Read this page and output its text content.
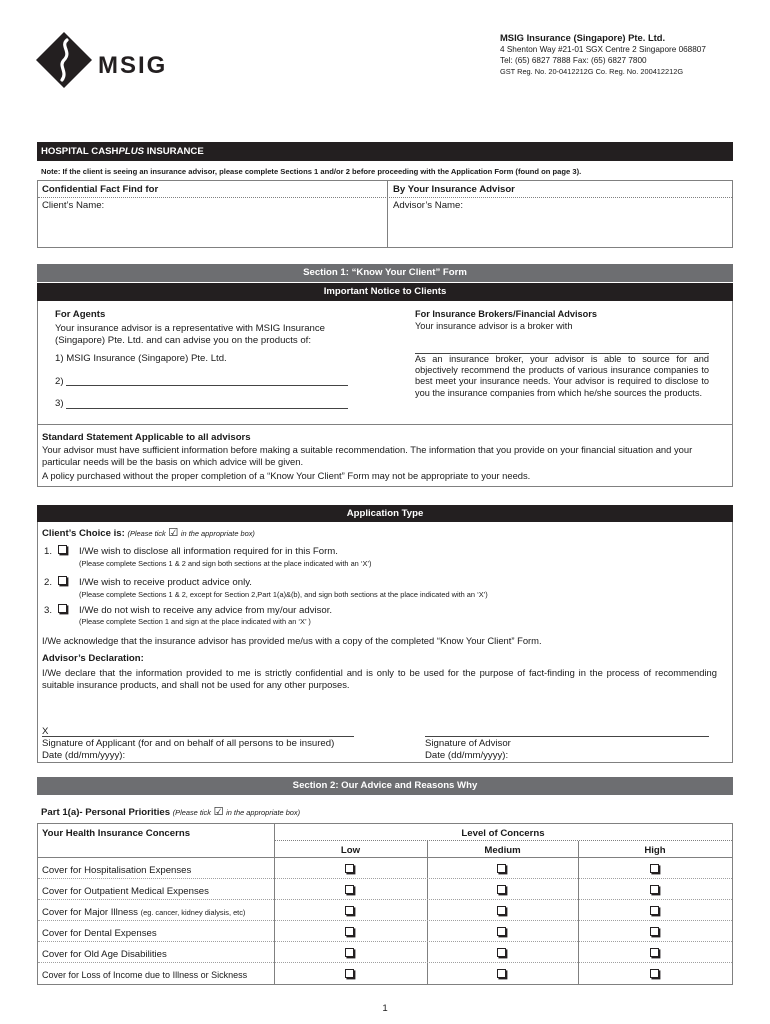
MSIG
MSIG Insurance (Singapore) Pte. Ltd.
4 Shenton Way #21-01 SGX Centre 2 Singapore 068807
Tel: (65) 6827 7888 Fax: (65) 6827 7800
GST Reg. No. 20-0412212G Co. Reg. No. 200412212G
HOSPITAL CASHPLUS INSURANCE
Note: If the client is seeing an insurance advisor, please complete Sections 1 and/or 2 before proceeding with the Application Form (found on page 3).
Confidential Fact Find for	By Your Insurance Advisor
Client’s Name:	Advisor’s Name:
Section 1: “Know Your Client” Form
Important Notice to Clients
For Agents
Your insurance advisor is a representative with MSIG Insurance
(Singapore) Pte. Ltd. and can advise you on the products of:
1) MSIG Insurance (Singapore) Pte. Ltd.
2)
3)
For Insurance Brokers/Financial Advisors
Your insurance advisor is a broker with
As an insurance broker, your advisor is able to source for and objectively recommend the products of various insurance companies to best meet your insurance needs. Your advisor is required to disclose to you the insurance companies from which he/she sources the products.
Standard Statement Applicable to all advisors
Your advisor must have sufficient information before making a suitable recommendation. The information that you provide on your financial situation and your particular needs will be the basis on which advice will be given.
A policy purchased without the proper completion of a “Know Your Client” Form may not be appropriate to your needs.
Application Type
Client’s Choice is: (Please tick ☑ in the appropriate box)
1.	I/We wish to disclose all information required for in this Form.
(Please complete Sections 1 & 2 and sign both sections at the place indicated with an ‘X’)
2.	I/We wish to receive product advice only.
(Please complete Sections 1 & 2, except for Section 2,Part 1(a)&(b), and sign both sections at the place indicated with an ‘X’)
3.	I/We do not wish to receive any advice from my/our advisor.
(Please complete Section 1 and sign at the place indicated with an ‘X’ )
I/We acknowledge that the insurance advisor has provided me/us with a copy of the completed “Know Your Client” Form.
Advisor’s Declaration:
I/We declare that the information provided to me is strictly confidential and is only to be used for the purpose of fact-finding in the process of recommending suitable insurance products, and shall not be used for any other purposes.
X
Signature of Applicant (for and on behalf of all persons to be insured)	Signature of Advisor
Date (dd/mm/yyyy):	Date (dd/mm/yyyy):
Section 2: Our Advice and Reasons Why
Part 1(a)- Personal Priorities (Please tick ☑ in the appropriate box)
Your Health Insurance Concerns	Level of Concerns
Low	Medium	High
Cover for Hospitalisation Expenses
Cover for Outpatient Medical Expenses
Cover for Major Illness (eg. cancer, kidney dialysis, etc)
Cover for Dental Expenses
Cover for Old Age Disabilities
Cover for Loss of Income due to Illness or Sickness
1
